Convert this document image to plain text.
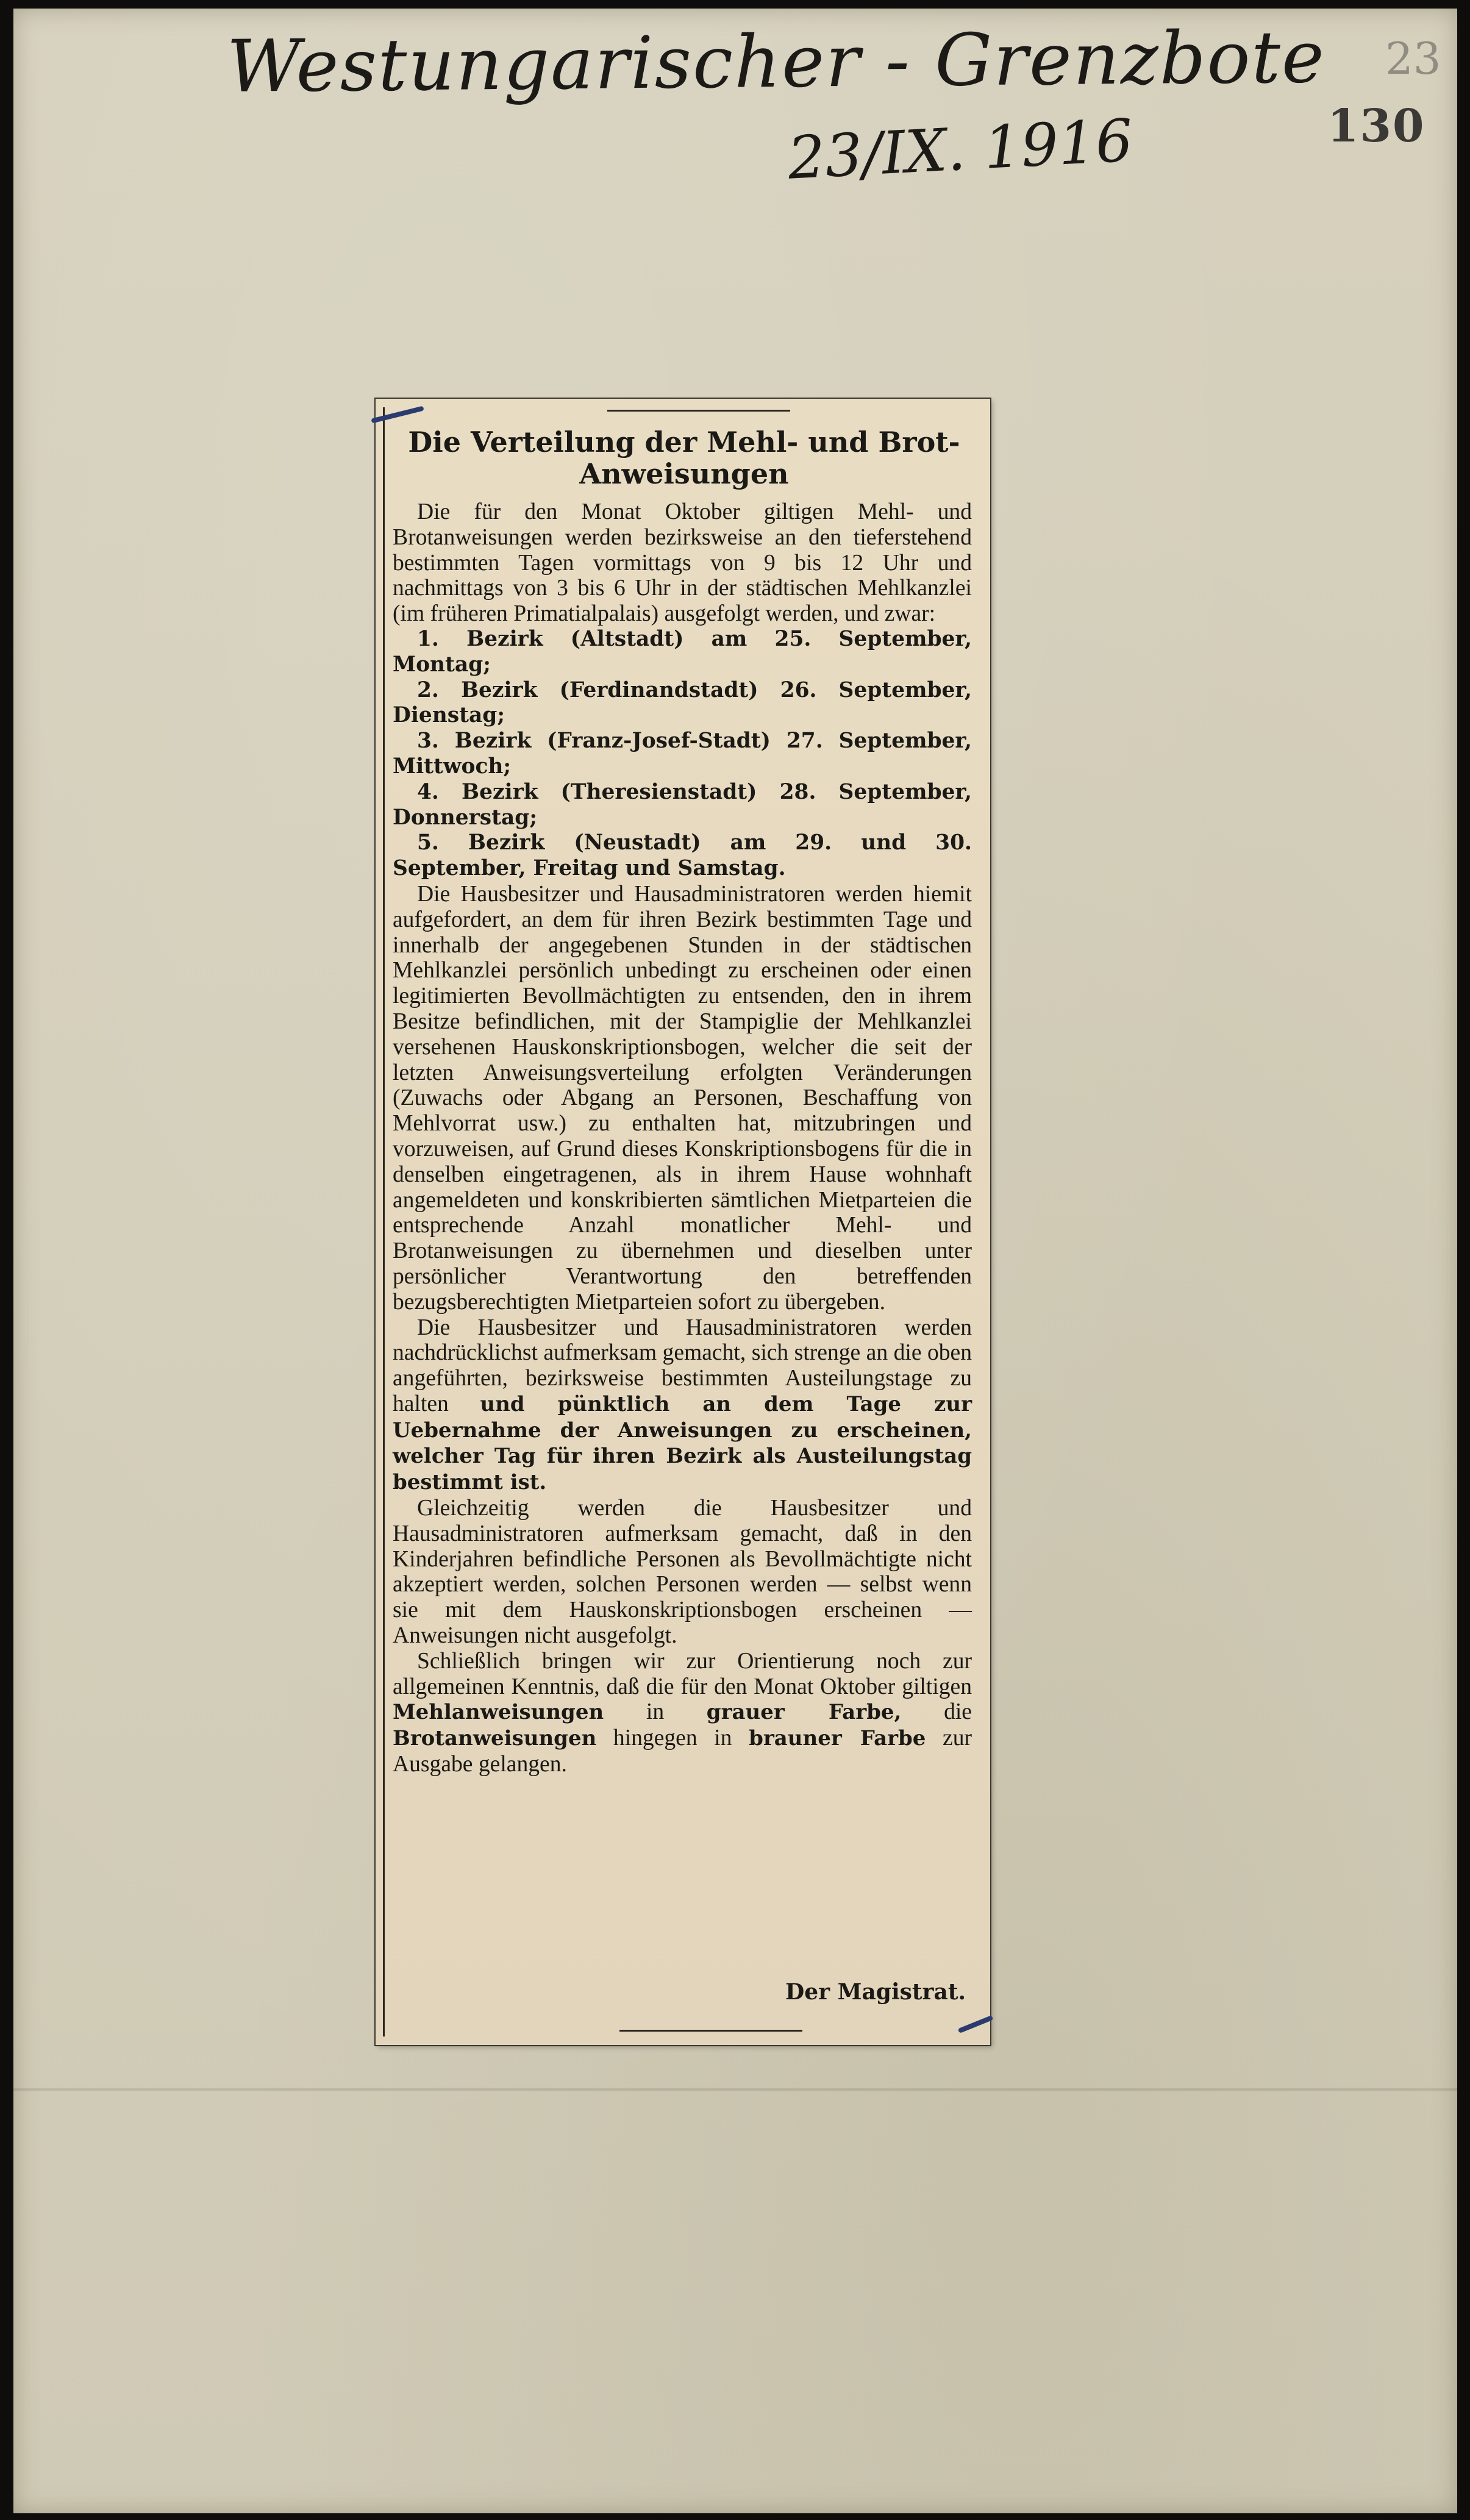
Westungarischer - Grenzbote
23/IX. 1916
23
130
Die Verteilung der Mehl- und Brot-Anweisungen

Die für den Monat Oktober giltigen Mehl- und Brotanweisungen werden bezirksweise an den tieferstehend bestimmten Tagen vormittags von 9 bis 12 Uhr und nachmittags von 3 bis 6 Uhr in der städtischen Mehlkanzlei (im früheren Primatialpalais) ausgefolgt werden, und zwar:

1. Bezirk (Altstadt) am 25. September, Montag;

2. Bezirk (Ferdinandstadt) 26. September, Dienstag;

3. Bezirk (Franz-Josef-Stadt) 27. September, Mittwoch;

4. Bezirk (Theresienstadt) 28. September, Donnerstag;

5. Bezirk (Neustadt) am 29. und 30. September, Freitag und Samstag.

Die Hausbesitzer und Hausadministratoren werden hiemit aufgefordert, an dem für ihren Bezirk bestimmten Tage und innerhalb der angegebenen Stunden in der städtischen Mehlkanzlei persönlich unbedingt zu erscheinen oder einen legitimierten Bevollmächtigten zu entsenden, den in ihrem Besitze befindlichen, mit der Stampiglie der Mehlkanzlei versehenen Hauskonskriptionsbogen, welcher die seit der letzten Anweisungsverteilung erfolgten Veränderungen (Zuwachs oder Abgang an Personen, Beschaffung von Mehlvorrat usw.) zu enthalten hat, mitzubringen und vorzuweisen, auf Grund dieses Konskriptionsbogens für die in denselben eingetragenen, als in ihrem Hause wohnhaft angemeldeten und konskribierten sämtlichen Mietparteien die entsprechende Anzahl monatlicher Mehl- und Brotanweisungen zu übernehmen und dieselben unter persönlicher Verantwortung den betreffenden bezugsberechtigten Mietparteien sofort zu übergeben.

Die Hausbesitzer und Hausadministratoren werden nachdrücklichst aufmerksam gemacht, sich strenge an die oben angeführten, bezirksweise bestimmten Austeilungstage zu halten und pünktlich an dem Tage zur Uebernahme der Anweisungen zu erscheinen, welcher Tag für ihren Bezirk als Austeilungstag bestimmt ist.

Gleichzeitig werden die Hausbesitzer und Hausadministratoren aufmerksam gemacht, daß in den Kinderjahren befindliche Personen als Bevollmächtigte nicht akzeptiert werden, solchen Personen werden — selbst wenn sie mit dem Hauskonskriptionsbogen erscheinen — Anweisungen nicht ausgefolgt.

Schließlich bringen wir zur Orientierung noch zur allgemeinen Kenntnis, daß die für den Monat Oktober giltigen Mehlanweisungen in grauer Farbe, die Brotanweisungen hingegen in brauner Farbe zur Ausgabe gelangen.

Der Magistrat.
